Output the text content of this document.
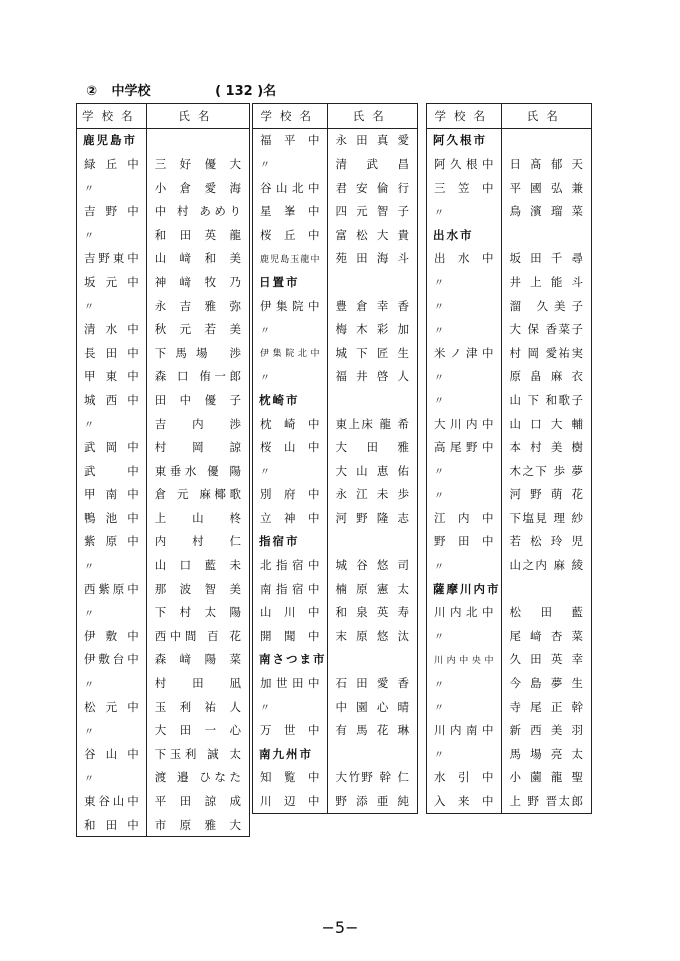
② 中学校	( 132 )名
学校名	氏名
鹿児島市	
緑 丘 中	三 好 優 大
〃	小 倉 愛 海
吉 野 中	中 村 あめり
〃	和 田 英 龍
吉野東中	山 﨑 和 美
坂 元 中	神 﨑 牧 乃
〃	永 吉 雅 弥
清 水 中	秋 元 若 美
長 田 中	下馬場 渉
甲 東 中	森 口 侑一郎
城 西 中	田 中 優 子
〃	吉 内 渉
武 岡 中	村 岡 諒
武 中	東垂水 優 陽
甲 南 中	倉 元 麻椰歌
鴨 池 中	上 山 柊
紫 原 中	内 村 仁
〃	山 口 藍 未
西紫原中	那 波 智 美
〃	下 村 太 陽
伊 敷 中	西中間 百 花
伊敷台中	森 﨑 陽 菜
〃	村 田 凪
松 元 中	玉 利 祐 人
〃	大 田 一 心
谷 山 中	下玉利 誠 太
〃	渡 邉 ひなた
東谷山中	平 田 諒 成
和 田 中	市 原 雅 大
学校名	氏名
福 平 中	永 田 真 愛
〃	清 武 昌
谷山北中	君 安 倫 行
星 峯 中	四 元 智 子
桜 丘 中	富 松 大 貴
鹿児島玉龍中	苑 田 海 斗
日置市	
伊集院中	豊 倉 幸 香
〃	梅 木 彩 加
伊集院北中	城 下 匠 生
〃	福 井 啓 人
枕崎市	
枕 崎 中	東上床 龍 希
桜 山 中	大 田 雅
〃	大 山 恵 佑
別 府 中	永 江 未 歩
立 神 中	河 野 隆 志
指宿市	
北指宿中	城 谷 悠 司
南指宿中	楠 原 憲 太
山 川 中	和 泉 英 寿
開 聞 中	末 原 悠 汰
南さつま市	
加世田中	石 田 愛 香
〃	中 園 心 晴
万 世 中	有 馬 花 琳
南九州市	
知 覧 中	大竹野 幹 仁
川 辺 中	野 添 亜 純
学校名	氏名
阿久根市	
阿久根中	日 髙 郁 天
三 笠 中	平 國 弘 兼
〃	鳥 濱 瑠 菜
出水市	
出 水 中	坂 田 千 尋
〃	井 上 能 斗
〃	溜 久美子
〃	大 保 香菜子
米ノ津中	村 岡 愛祐実
〃	原 畠 麻 衣
〃	山 下 和歌子
大川内中	山 口 大 輔
高尾野中	本 村 美 樹
〃	木之下 歩 夢
〃	河 野 萌 花
江 内 中	下塩見 理 紗
野 田 中	若 松 玲 児
〃	山之内 麻 綾
薩摩川内市	
川内北中	松 田 藍
〃	尾 﨑 杏 菜
川内中央中	久 田 英 幸
〃	今 島 夢 生
〃	寺 尾 正 幹
川内南中	新 西 美 羽
〃	馬 場 亮 太
水 引 中	小 薗 龍 聖
入 来 中	上 野 晋太郎
−5−
